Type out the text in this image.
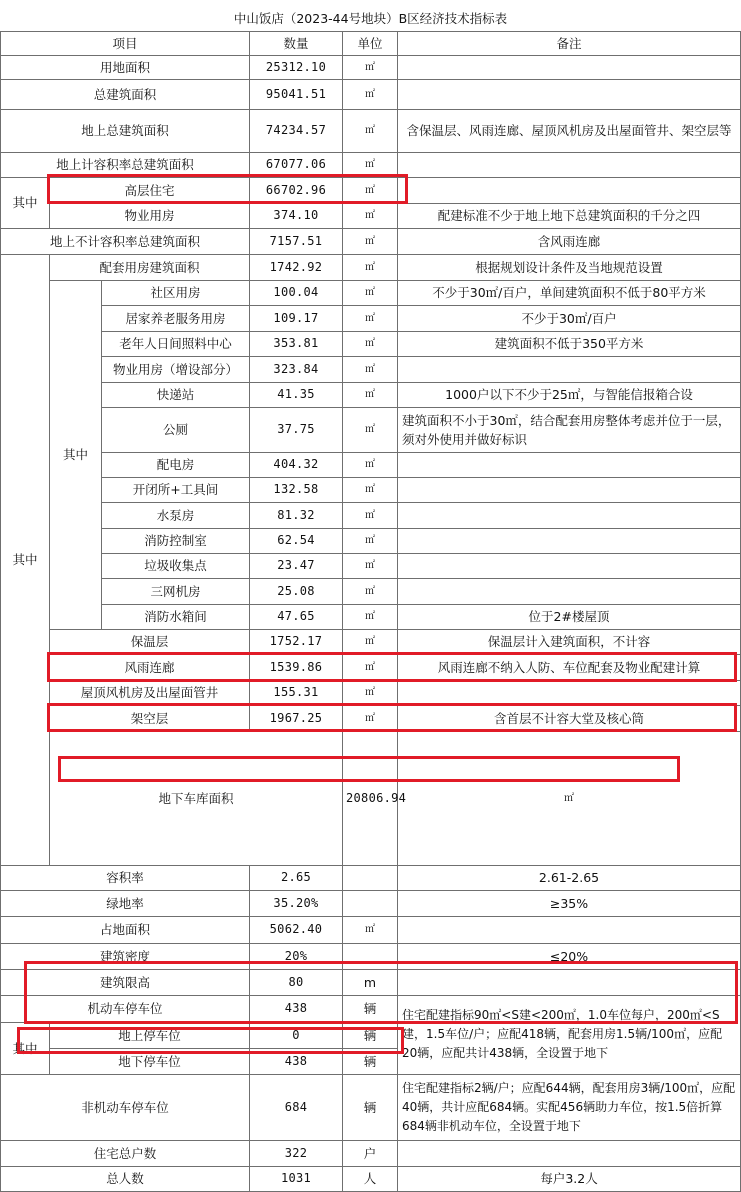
中山饭店（2023-44号地块）B区经济技术指标表						
项目			数量	单位	备注	
用地面积			25312.10	㎡		
总建筑面积			95041.51	㎡		
地上总建筑面积			74234.57	㎡	含保温层、风雨连廊、屋顶风机房及出屋面管井、架空层等	
地上计容积率总建筑面积			67077.06	㎡		
其中	高层住宅		66702.96	㎡		
	物业用房		374.10	㎡	配建标准不少于地上地下总建筑面积的千分之四	
地上不计容积率总建筑面积			7157.51	㎡	含风雨连廊	
其中	配套用房建筑面积		1742.92	㎡	根据规划设计条件及当地规范设置	
	其中	社区用房	100.04	㎡	不少于30㎡/百户，单间建筑面积不低于80平方米	
		居家养老服务用房	109.17	㎡	不少于30㎡/百户	
		老年人日间照料中心	353.81	㎡	建筑面积不低于350平方米	
		物业用房（增设部分）	323.84	㎡		
		快递站	41.35	㎡	1000户以下不少于25㎡，与智能信报箱合设	
		公厕	37.75	㎡	建筑面积不小于30㎡，结合配套用房整体考虑并位于一层，须对外使用并做好标识	
		配电房	404.32	㎡		
		开闭所+工具间	132.58	㎡		
		水泵房	81.32	㎡		
		消防控制室	62.54	㎡		
		垃圾收集点	23.47	㎡		
		三网机房	25.08	㎡		
		消防水箱间	47.65	㎡	位于2#楼屋顶	
	保温层		1752.17	㎡	保温层计入建筑面积，不计容	
	风雨连廊		1539.86	㎡	风雨连廊不纳入人防、车位配套及物业配建计算	
	屋顶风机房及出屋面管井		155.31	㎡		
	架空层		1967.25	㎡	含首层不计容大堂及核心筒	
	地下车库面积			20806.94	㎡	
容积率			2.65		2.61-2.65	
绿地率			35.20%		≥35%	
占地面积			5062.40	㎡		
建筑密度			20%		≤20%	
建筑限高			80	m		
机动车停车位			438	辆	住宅配建指标90㎡<S建<200㎡，1.0车位每户，200㎡<S建，1.5车位/户；应配418辆，配套用房1.5辆/100㎡，应配20辆，应配共计438辆，全设置于地下	
其中	地上停车位		0	辆		
	地下停车位		438	辆		
非机动车停车位			684	辆	住宅配建指标2辆/户；应配644辆，配套用房3辆/100㎡，应配40辆，共计应配684辆。实配456辆助力车位，按1.5倍折算684辆非机动车位，全设置于地下	
住宅总户数			322	户		
总人数			1031	人	每户3.2人	
